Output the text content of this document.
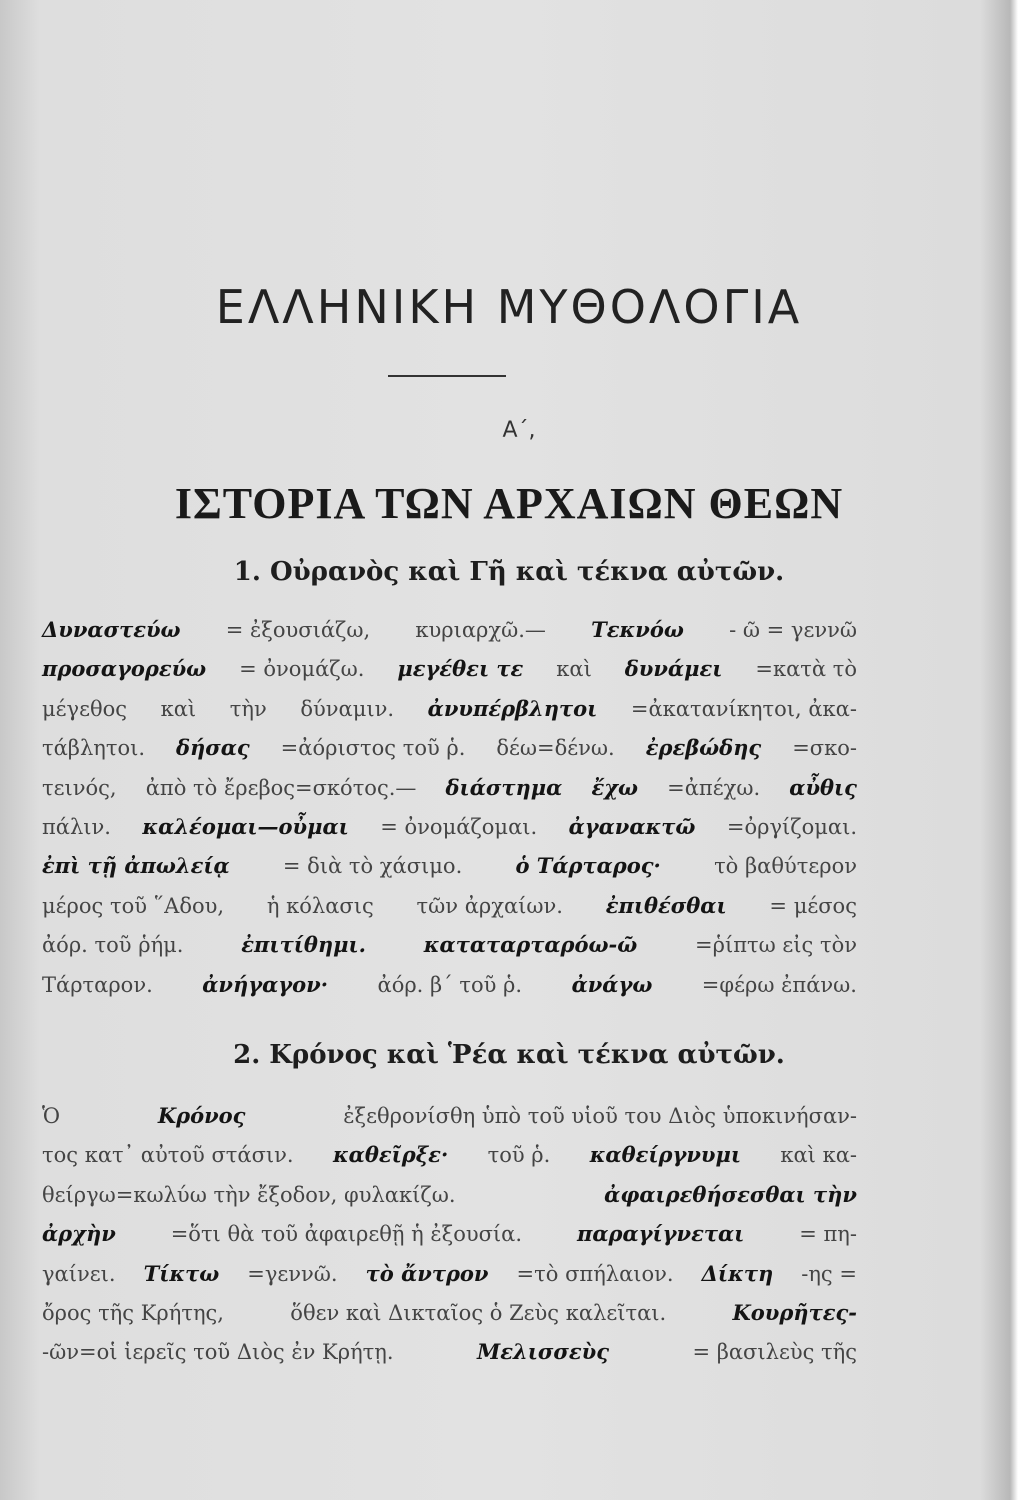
ΕΛΛΗΝΙΚΗ ΜΥΘΟΛΟΓΙΑ
Α΄,
ΙΣΤΟΡΙΑ ΤΩΝ ΑΡΧΑΙΩΝ ΘΕΩΝ
1. Οὐρανὸς καὶ Γῆ καὶ τέκνα αὐτῶν.
Δυναστεύω = ἐξουσιάζω, κυριαρχῶ.— Τεκνόω - ῶ = γεννῶ
προσαγορεύω = ὀνομάζω. μεγέθει τε καὶ δυνάμει =κατὰ τὸ
μέγεθος καὶ τὴν δύναμιν. ἀνυπέρβλητοι =ἀκατανίκητοι, ἀκα-
τάβλητοι. δήσας =ἀόριστος τοῦ ῥ. δέω=δένω. ἐρεβώδης =σκο-
τεινός, ἀπὸ τὸ ἔρεβος=σκότος.— διάστημα ἔχω =ἀπέχω. αὖθις
πάλιν. καλέομαι—οὖμαι = ὀνομάζομαι. ἀγανακτῶ =ὀργίζομαι.
ἐπὶ τῇ ἀπωλείᾳ	= διὰ τὸ χάσιμο.	ὁ Τάρταρος·	τὸ βαθύτερον
μέρος τοῦ ῞Αδου, ἡ κόλασις τῶν ἀρχαίων. ἐπιθέσθαι = μέσος
ἀόρ. τοῦ ῥήμ.	ἐπιτίθημι.	καταταρταρόω-ῶ	=ῥίπτω εἰς τὸν
Τάρταρον. ἀνήγαγον· ἀόρ. β΄ τοῦ ῥ. ἀνάγω =φέρω ἐπάνω.
2. Κρόνος καὶ Ῥέα καὶ τέκνα αὐτῶν.
Ὁ	Κρόνος	ἐξεθρονίσθη ὑπὸ τοῦ υἱοῦ του Διὸς ὑποκινήσαν-
τος κατ᾽ αὐτοῦ στάσιν. καθεῖρξε· τοῦ ῥ. καθείργνυμι καὶ κα-
θείργω=κωλύω τὴν ἔξοδον, φυλακίζω.	ἀφαιρεθήσεσθαι τὴν
ἀρχὴν	=ὅτι θὰ τοῦ ἀφαιρεθῇ ἡ ἐξουσία.	παραγίγνεται	= πη-
γαίνει. Τίκτω =γεννῶ. τὸ ἄντρον =τὸ σπήλαιον. Δίκτη -ης =
ὄρος τῆς Κρήτης,	ὅθεν καὶ Δικταῖος ὁ Ζεὺς καλεῖται.	Κουρῆτες-
-ῶν=οἱ ἱερεῖς τοῦ Διὸς ἐν Κρήτῃ.	Μελισσεὺς	= βασιλεὺς τῆς
